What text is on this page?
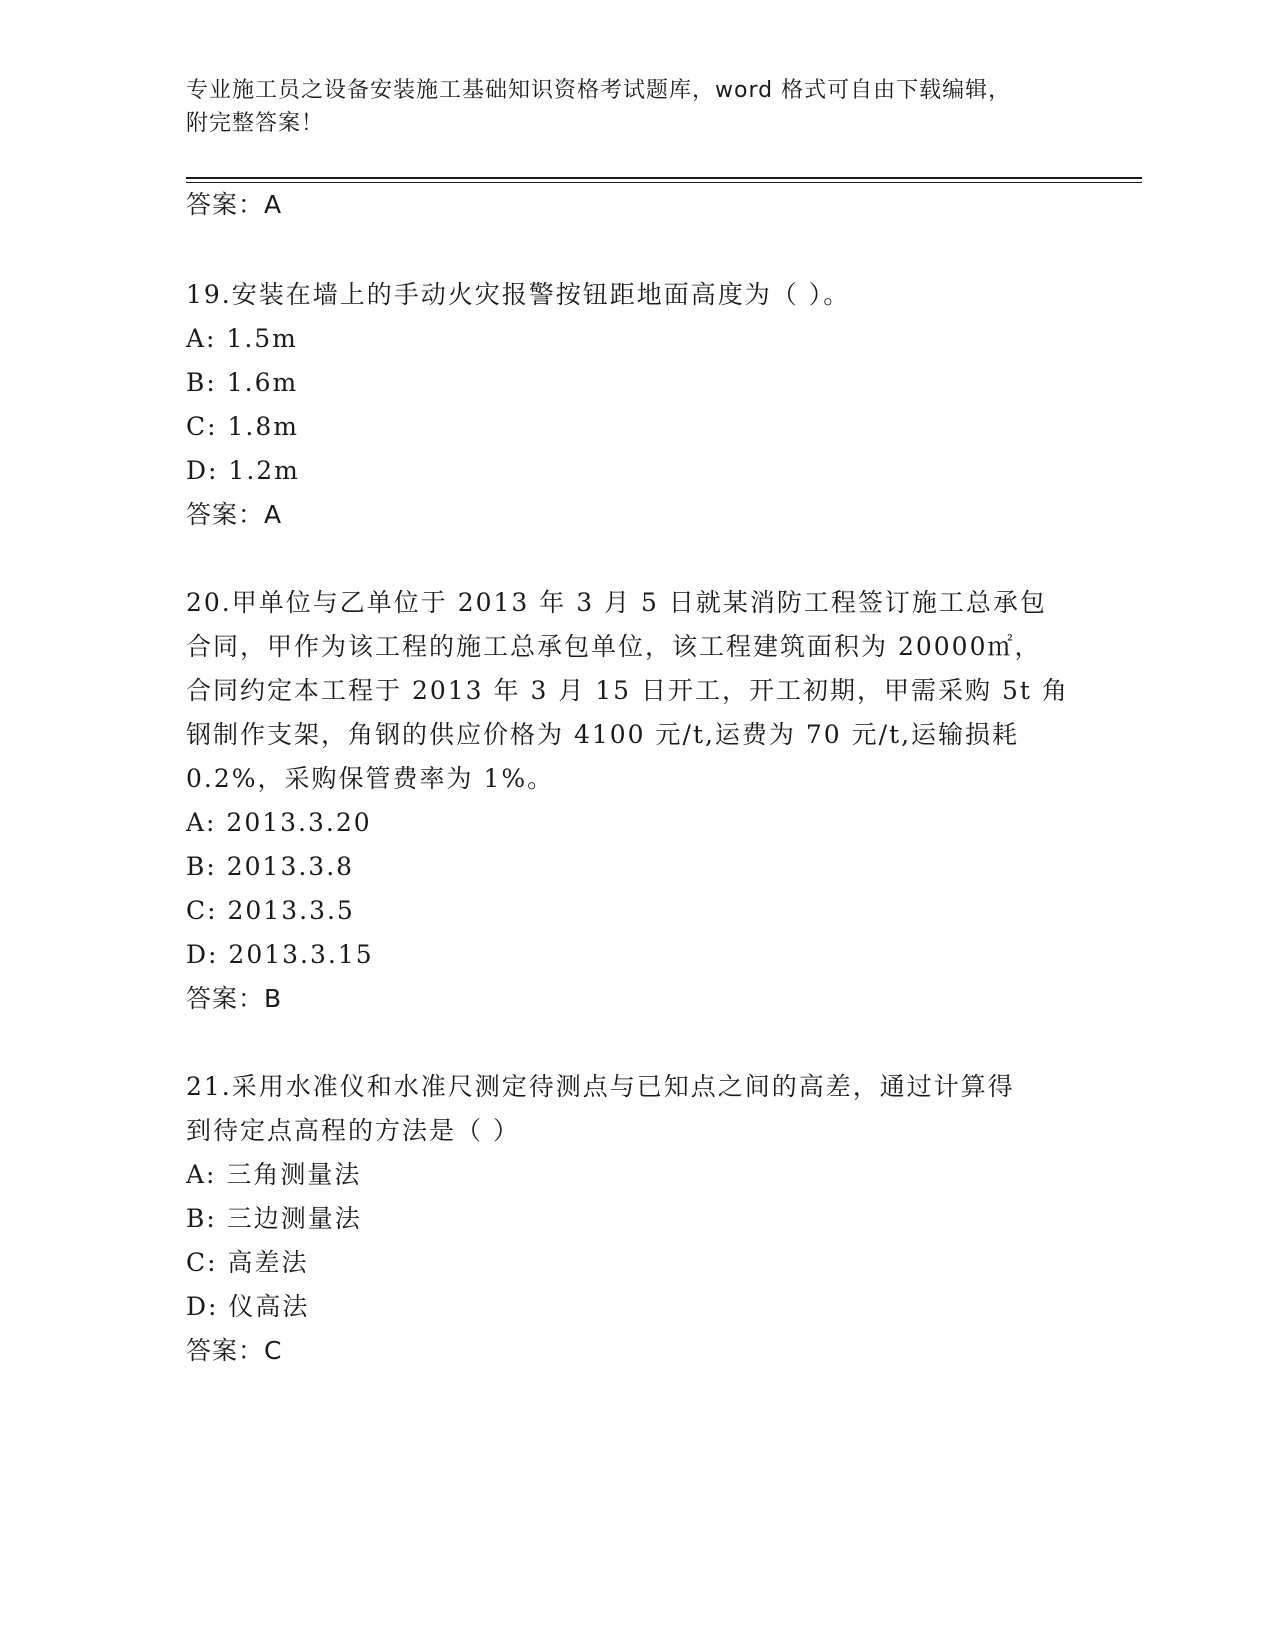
专业施工员之设备安装施工基础知识资格考试题库，word 格式可自由下载编辑，
附完整答案！
答案：A
19.安装在墙上的手动火灾报警按钮距地面高度为（ ）。
A: 1.5m
B: 1.6m
C: 1.8m
D: 1.2m
答案：A
20.甲单位与乙单位于 2013 年 3 月 5 日就某消防工程签订施工总承包
合同，甲作为该工程的施工总承包单位，该工程建筑面积为 20000㎡，
合同约定本工程于 2013 年 3 月 15 日开工，开工初期，甲需采购 5t 角
钢制作支架，角钢的供应价格为 4100 元/t,运费为 70 元/t,运输损耗
0.2%，采购保管费率为 1%。
A: 2013.3.20
B: 2013.3.8
C: 2013.3.5
D: 2013.3.15
答案：B
21.采用水准仪和水准尺测定待测点与已知点之间的高差，通过计算得
到待定点高程的方法是（ ）
A: 三角测量法
B: 三边测量法
C: 高差法
D: 仪高法
答案：C
